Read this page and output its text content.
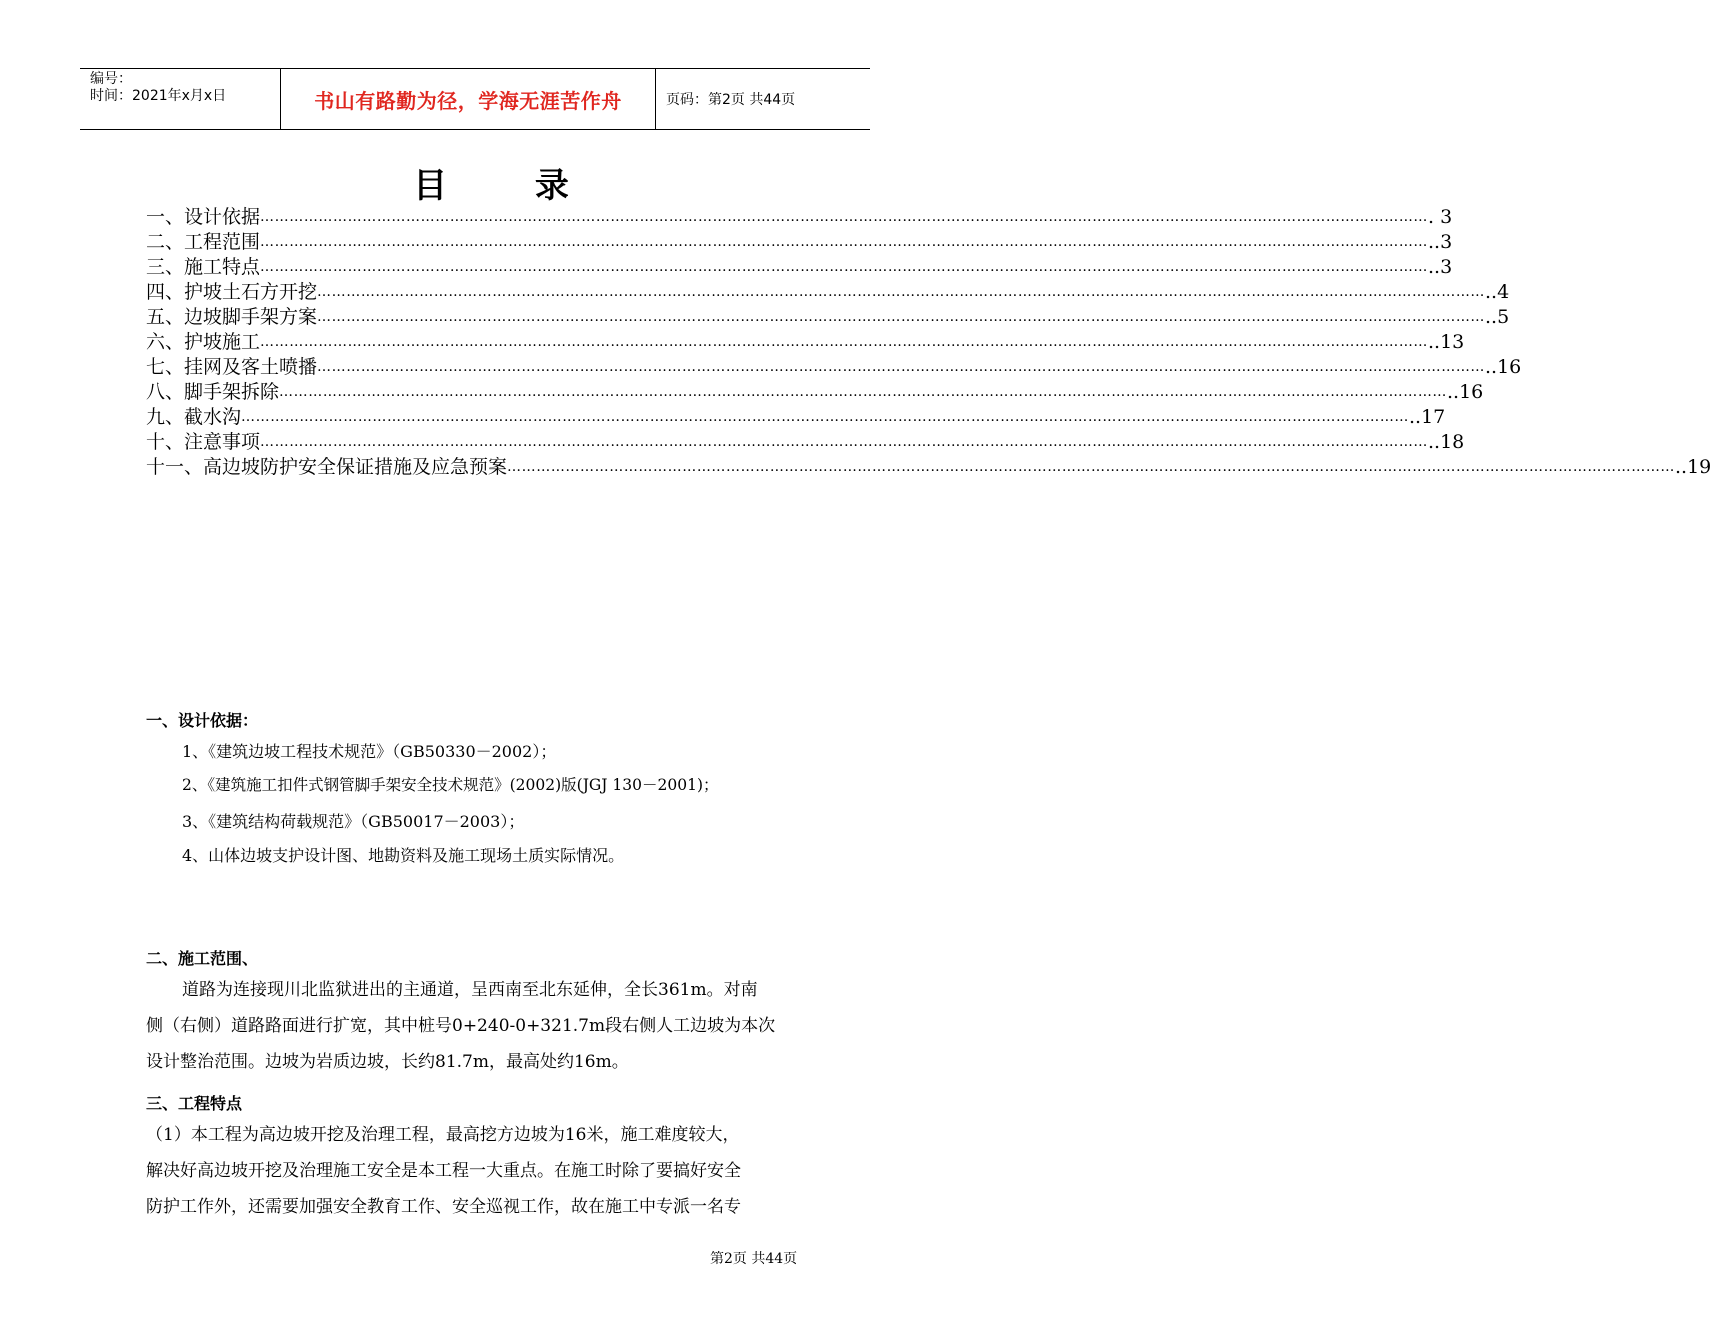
编号：
时间：2021年x月x日	书山有路勤为径，学海无涯苦作舟	页码：第2页 共44页
目 录
一、设计依据 …………………………………………………………………………………………………………………………………………………………………………………………………………………… . 3
二、工程范围 …………………………………………………………………………………………………………………………………………………………………………………………………………………… ..3
三、施工特点 …………………………………………………………………………………………………………………………………………………………………………………………………………………… ..3
四、护坡土石方开挖 …………………………………………………………………………………………………………………………………………………………………………………………………………………… ..4
五、边坡脚手架方案 …………………………………………………………………………………………………………………………………………………………………………………………………………………… ..5
六、护坡施工 …………………………………………………………………………………………………………………………………………………………………………………………………………………… ..13
七、挂网及客土喷播 …………………………………………………………………………………………………………………………………………………………………………………………………………………… ..16
八、脚手架拆除 …………………………………………………………………………………………………………………………………………………………………………………………………………………… ..16
九、截水沟 …………………………………………………………………………………………………………………………………………………………………………………………………………………… ..17
十、注意事项 …………………………………………………………………………………………………………………………………………………………………………………………………………………… ..18
十一、高边坡防护安全保证措施及应急预案 …………………………………………………………………………………………………………………………………………………………………………………………………………………… ..19
一、设计依据：
1、《建筑边坡工程技术规范》（GB50330－2002）；
2、《建筑施工扣件式钢管脚手架安全技术规范》(2002)版(JGJ 130－2001)；
3、《建筑结构荷载规范》（GB50017－2003）；
4、山体边坡支护设计图、地勘资料及施工现场土质实际情况。
二、施工范围、
道路为连接现川北监狱进出的主通道，呈西南至北东延伸，全长361m。对南
侧（右侧）道路路面进行扩宽，其中桩号0+240-0+321.7m段右侧人工边坡为本次
设计整治范围。边坡为岩质边坡，长约81.7m，最高处约16m。
三、工程特点
（1）本工程为高边坡开挖及治理工程，最高挖方边坡为16米，施工难度较大，
解决好高边坡开挖及治理施工安全是本工程一大重点。在施工时除了要搞好安全
防护工作外，还需要加强安全教育工作、安全巡视工作，故在施工中专派一名专
第2页 共44页
